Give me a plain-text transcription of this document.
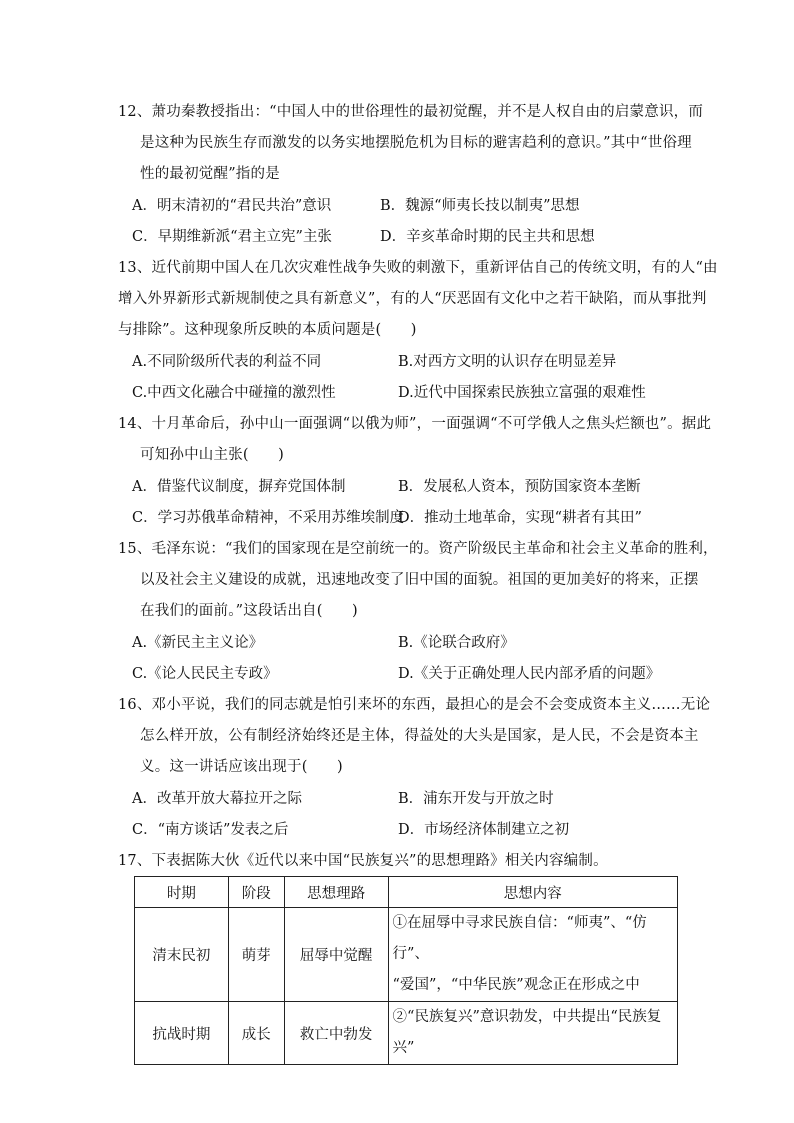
12、萧功秦教授指出：“中国人中的世俗理性的最初觉醒，并不是人权自由的启蒙意识，而
是这种为民族生存而激发的以务实地摆脱危机为目标的避害趋利的意识。”其中“世俗理
性的最初觉醒”指的是
A．明末清初的“君民共治”意识	B．魏源“师夷长技以制夷”思想
C．早期维新派“君主立宪”主张	D．辛亥革命时期的民主共和思想
13、近代前期中国人在几次灾难性战争失败的刺激下，重新评估自己的传统文明，有的人“由
增入外界新形式新规制使之具有新意义”，有的人“厌恶固有文化中之若干缺陷，而从事批判
与排除”。这种现象所反映的本质问题是(　　)
A.不同阶级所代表的利益不同	B.对西方文明的认识存在明显差异
C.中西文化融合中碰撞的激烈性	D.近代中国探索民族独立富强的艰难性
14、十月革命后，孙中山一面强调“以俄为师”，一面强调“不可学俄人之焦头烂额也”。据此
可知孙中山主张(　　)
A．借鉴代议制度，摒弃党国体制	B．发展私人资本，预防国家资本垄断
C．学习苏俄革命精神，不采用苏维埃制度
D．推动土地革命，实现“耕者有其田”
15、毛泽东说：“我们的国家现在是空前统一的。资产阶级民主革命和社会主义革命的胜利，
以及社会主义建设的成就，迅速地改变了旧中国的面貌。祖国的更加美好的将来，正摆
在我们的面前。”这段话出自(　　)
A.《新民主主义论》	B.《论联合政府》
C.《论人民民主专政》	D.《关于正确处理人民内部矛盾的问题》
16、邓小平说，我们的同志就是怕引来坏的东西，最担心的是会不会变成资本主义……无论
怎么样开放，公有制经济始终还是主体，得益处的大头是国家，是人民，不会是资本主
义。这一讲话应该出现于(　　)
A．改革开放大幕拉开之际	B．浦东开发与开放之时
C．“南方谈话”发表之后	D．市场经济体制建立之初
17、下表据陈大伙《近代以来中国“民族复兴”的思想理路》相关内容编制。
时期	阶段	思想理路	思想内容
清末民初	萌芽	屈辱中觉醒	①在屈辱中寻求民族自信：“师夷”、“仿行”、
“爱国”，“中华民族”观念正在形成之中

抗战时期	成长	救亡中勃发	②“民族复兴”意识勃发，中共提出“民族复兴”
